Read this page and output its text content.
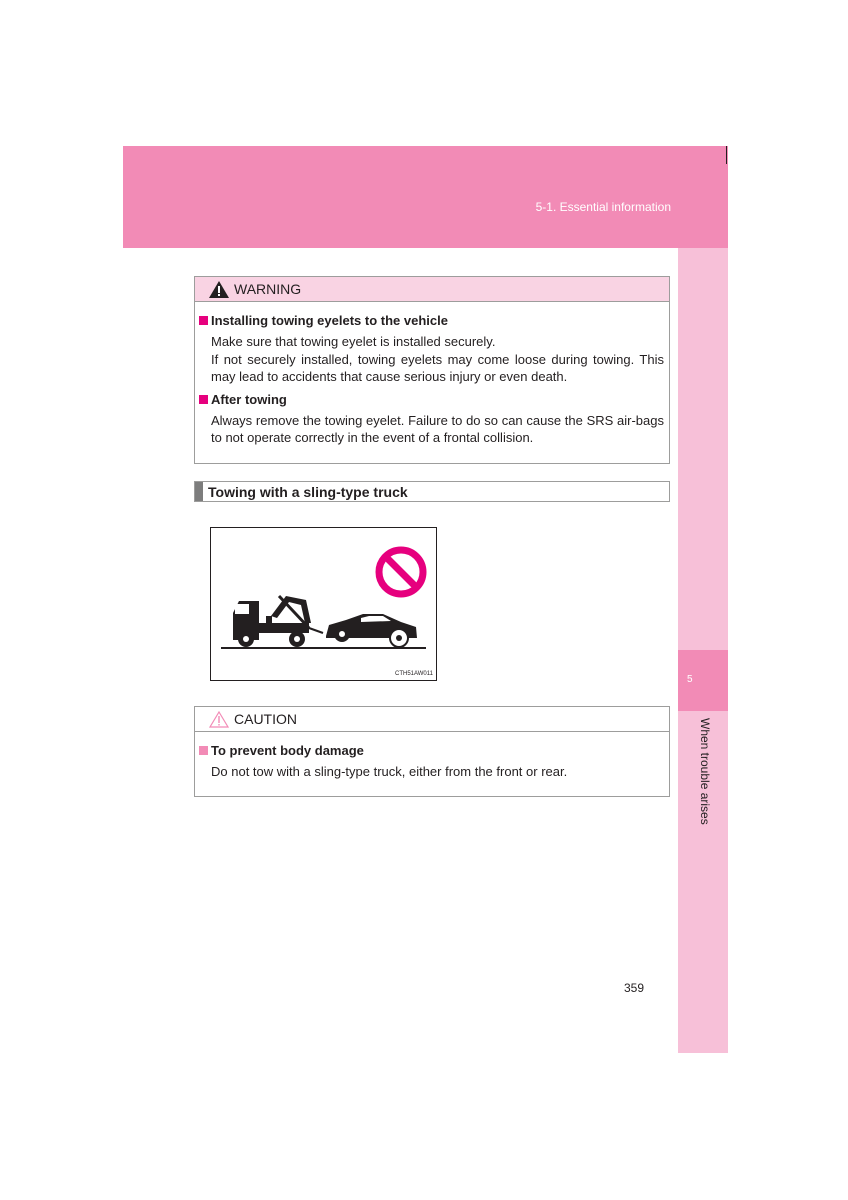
5-1. Essential information
5
When trouble arises
WARNING
Installing towing eyelets to the vehicle

Make sure that towing eyelet is installed securely.

If not securely installed, towing eyelets may come loose during towing. This may lead to accidents that cause serious injury or even death.

After towing

Always remove the towing eyelet. Failure to do so can cause the SRS air-bags to not operate correctly in the event of a frontal collision.

Towing with a sling-type truck
CTH51AW011
CAUTION
To prevent body damage

Do not tow with a sling-type truck, either from the front or rear.

359
